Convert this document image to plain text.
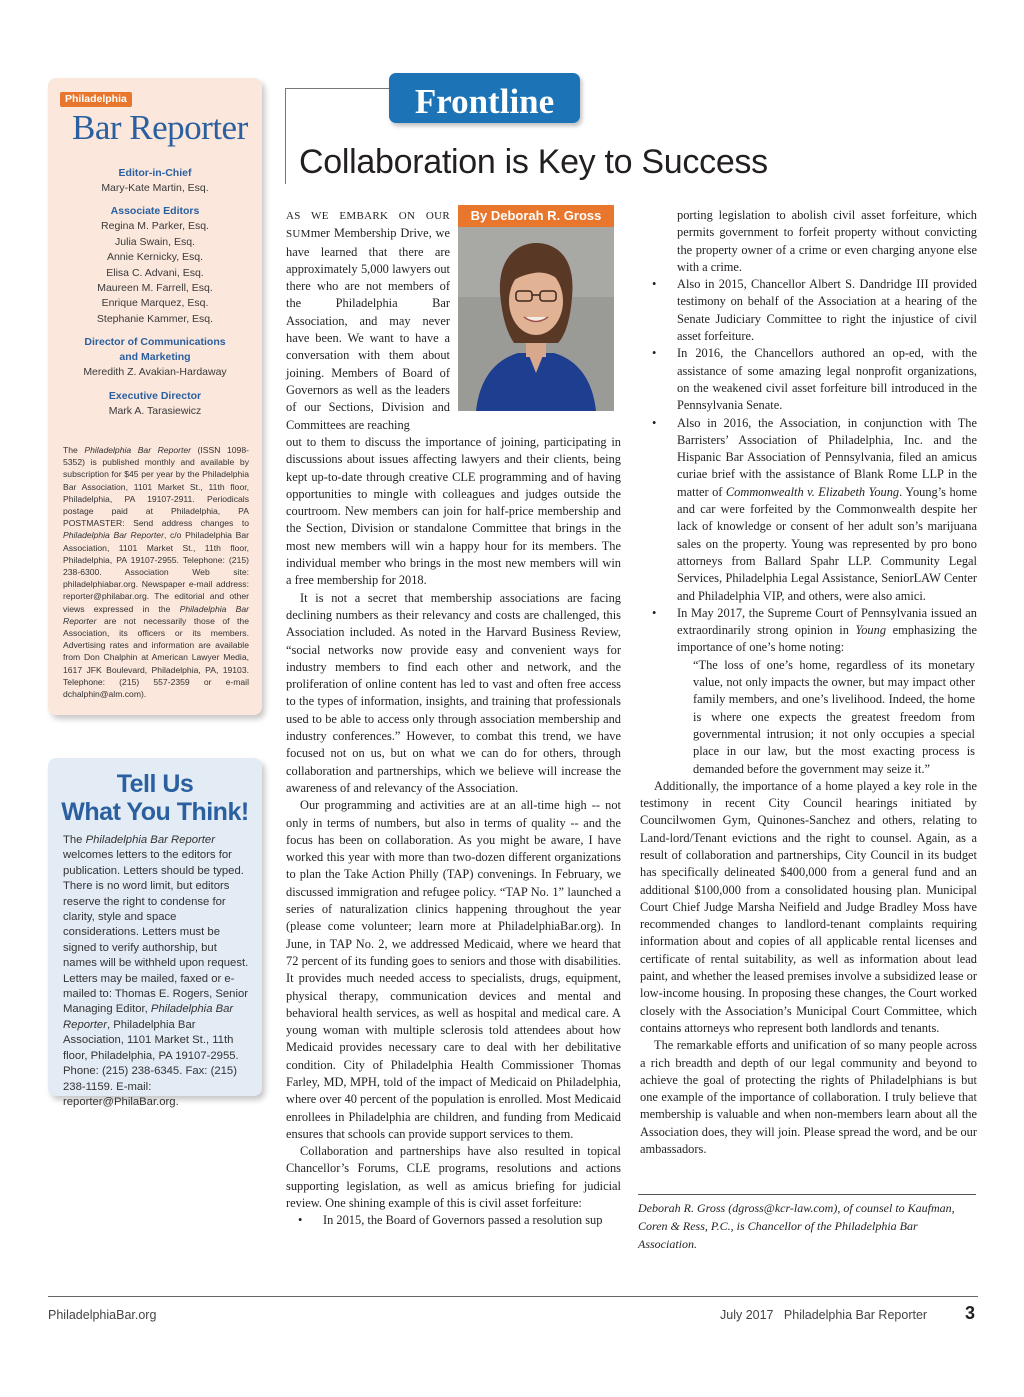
Philadelphia
Bar Reporter
Editor-in-Chief
Mary-Kate Martin, Esq.
Associate Editors
Regina M. Parker, Esq.
Julia Swain, Esq.
Annie Kernicky, Esq.
Elisa C. Advani, Esq.
Maureen M. Farrell, Esq.
Enrique Marquez, Esq.
Stephanie Kammer, Esq.
Director of Communications
and Marketing
Meredith Z. Avakian-Hardaway
Executive Director
Mark A. Tarasiewicz
The Philadelphia Bar Reporter (ISSN 1098-5352) is published monthly and available by subscription for $45 per year by the Philadelphia Bar Association, 1101 Market St., 11th floor, Philadelphia, PA 19107-2911. Periodicals postage paid at Philadelphia, PA POSTMASTER: Send address changes to Philadelphia Bar Reporter, c/o Philadelphia Bar Association, 1101 Market St., 11th floor, Philadelphia, PA 19107-2955. Telephone: (215) 238-6300. Association Web site: philadelphiabar.org. Newspaper e-mail address: reporter@philabar.org. The editorial and other views expressed in the Philadelphia Bar Reporter are not necessarily those of the Association, its officers or its members. Advertising rates and information are available from Don Chalphin at American Lawyer Media, 1617 JFK Boulevard, Philadelphia, PA, 19103. Telephone: (215) 557-2359 or e-mail dchalphin@alm.com).
Tell Us
What You Think!
The Philadelphia Bar Reporter welcomes letters to the editors for publication. Letters should be typed. There is no word limit, but editors reserve the right to condense for clarity, style and space considerations. Letters must be signed to verify authorship, but names will be withheld upon request. Letters may be mailed, faxed or e-mailed to: Thomas E. Rogers, Senior Managing Editor, Philadelphia Bar Reporter, Philadelphia Bar Association, 1101 Market St., 11th floor, Philadelphia, PA 19107-2955. Phone: (215) 238-6345. Fax: (215) 238-1159. E-mail: reporter@PhilaBar.org.
Frontline
Collaboration is Key to Success
By Deborah R. Gross
AS WE EMBARK ON OUR SUMmer Membership Drive, we have learned that there are approximately 5,000 lawyers out there who are not members of the Philadelphia Bar Association, and may never have been. We want to have a conversation with them about joining. Members of Board of Governors as well as the leaders of our Sections, Division and Committees are reaching
out to them to discuss the importance of joining, participating in discussions about issues affecting lawyers and their clients, being kept up-to-date through creative CLE programming and of having opportunities to mingle with colleagues and judges outside the courtroom. New members can join for half-price membership and the Section, Division or standalone Committee that brings in the most new members will win a happy hour for its members. The individual member who brings in the most new members will win a free membership for 2018.
It is not a secret that membership associations are facing declining numbers as their relevancy and costs are challenged, this Association included. As noted in the Harvard Business Review, “social networks now provide easy and convenient ways for industry members to find each other and network, and the proliferation of online content has led to vast and often free access to the types of information, insights, and training that professionals used to be able to access only through association membership and industry conferences.” However, to combat this trend, we have focused not on us, but on what we can do for others, through collaboration and partnerships, which we believe will increase the awareness of and relevancy of the Association.
Our programming and activities are at an all-time high -- not only in terms of numbers, but also in terms of quality -- and the focus has been on collaboration. As you might be aware, I have worked this year with more than two-dozen different organizations to plan the Take Action Philly (TAP) convenings. In February, we discussed immigration and refugee policy. “TAP No. 1” launched a series of naturalization clinics happening throughout the year (please come volunteer; learn more at PhiladelphiaBar.org). In June, in TAP No. 2, we addressed Medicaid, where we heard that 72 percent of its funding goes to seniors and those with disabilities. It provides much needed access to specialists, drugs, equipment, physical therapy, communication devices and mental and behavioral health services, as well as hospital and medical care. A young woman with multiple sclerosis told attendees about how Medicaid provides necessary care to deal with her debilitative condition. City of Philadelphia Health Commissioner Thomas Farley, MD, MPH, told of the impact of Medicaid on Philadelphia, where over 40 percent of the population is enrolled. Most Medicaid enrollees in Philadelphia are children, and funding from Medicaid ensures that schools can provide support services to them.
Collaboration and partnerships have also resulted in topical Chancellor’s Forums, CLE programs, resolutions and actions supporting legislation, as well as amicus briefing for judicial review. One shining example of this is civil asset forfeiture:
• In 2015, the Board of Governors passed a resolution sup
porting legislation to abolish civil asset forfeiture, which permits government to forfeit property without convicting the property owner of a crime or even charging anyone else with a crime.
• Also in 2015, Chancellor Albert S. Dandridge III provided testimony on behalf of the Association at a hearing of the Senate Judiciary Committee to right the injustice of civil asset forfeiture.
• In 2016, the Chancellors authored an op-ed, with the assistance of some amazing legal nonprofit organizations, on the weakened civil asset forfeiture bill introduced in the Pennsylvania Senate.
• Also in 2016, the Association, in conjunction with The Barristers’ Association of Philadelphia, Inc. and the Hispanic Bar Association of Pennsylvania, filed an amicus curiae brief with the assistance of Blank Rome LLP in the matter of Commonwealth v. Elizabeth Young. Young’s home and car were forfeited by the Commonwealth despite her lack of knowledge or consent of her adult son’s marijuana sales on the property. Young was represented by pro bono attorneys from Ballard Spahr LLP. Community Legal Services, Philadelphia Legal Assistance, SeniorLAW Center and Philadelphia VIP, and others, were also amici.
• In May 2017, the Supreme Court of Pennsylvania issued an extraordinarily strong opinion in Young emphasizing the importance of one’s home noting:
“The loss of one’s home, regardless of its monetary value, not only impacts the owner, but may impact other family members, and one’s livelihood. Indeed, the home is where one expects the greatest freedom from governmental intrusion; it not only occupies a special place in our law, but the most exacting process is demanded before the government may seize it.”
Additionally, the importance of a home played a key role in the testimony in recent City Council hearings initiated by Councilwomen Gym, Quinones-Sanchez and others, relating to Land-lord/Tenant evictions and the right to counsel. Again, as a result of collaboration and partnerships, City Council in its budget has specifically delineated $400,000 from a general fund and an additional $100,000 from a consolidated housing plan. Municipal Court Chief Judge Marsha Neifield and Judge Bradley Moss have recommended changes to landlord-tenant complaints requiring information about and copies of all applicable rental licenses and certificate of rental suitability, as well as information about lead paint, and whether the leased premises involve a subsidized lease or low-income housing. In proposing these changes, the Court worked closely with the Association’s Municipal Court Committee, which contains attorneys who represent both landlords and tenants.
The remarkable efforts and unification of so many people across a rich breadth and depth of our legal community and beyond to achieve the goal of protecting the rights of Philadelphians is but one example of the importance of collaboration. I truly believe that membership is valuable and when non-members learn about all the Association does, they will join. Please spread the word, and be our ambassadors.
Deborah R. Gross (dgross@kcr-law.com), of counsel to Kaufman, Coren & Ress, P.C., is Chancellor of the Philadelphia Bar Association.
PhiladelphiaBar.org	July 2017   Philadelphia Bar Reporter 3
